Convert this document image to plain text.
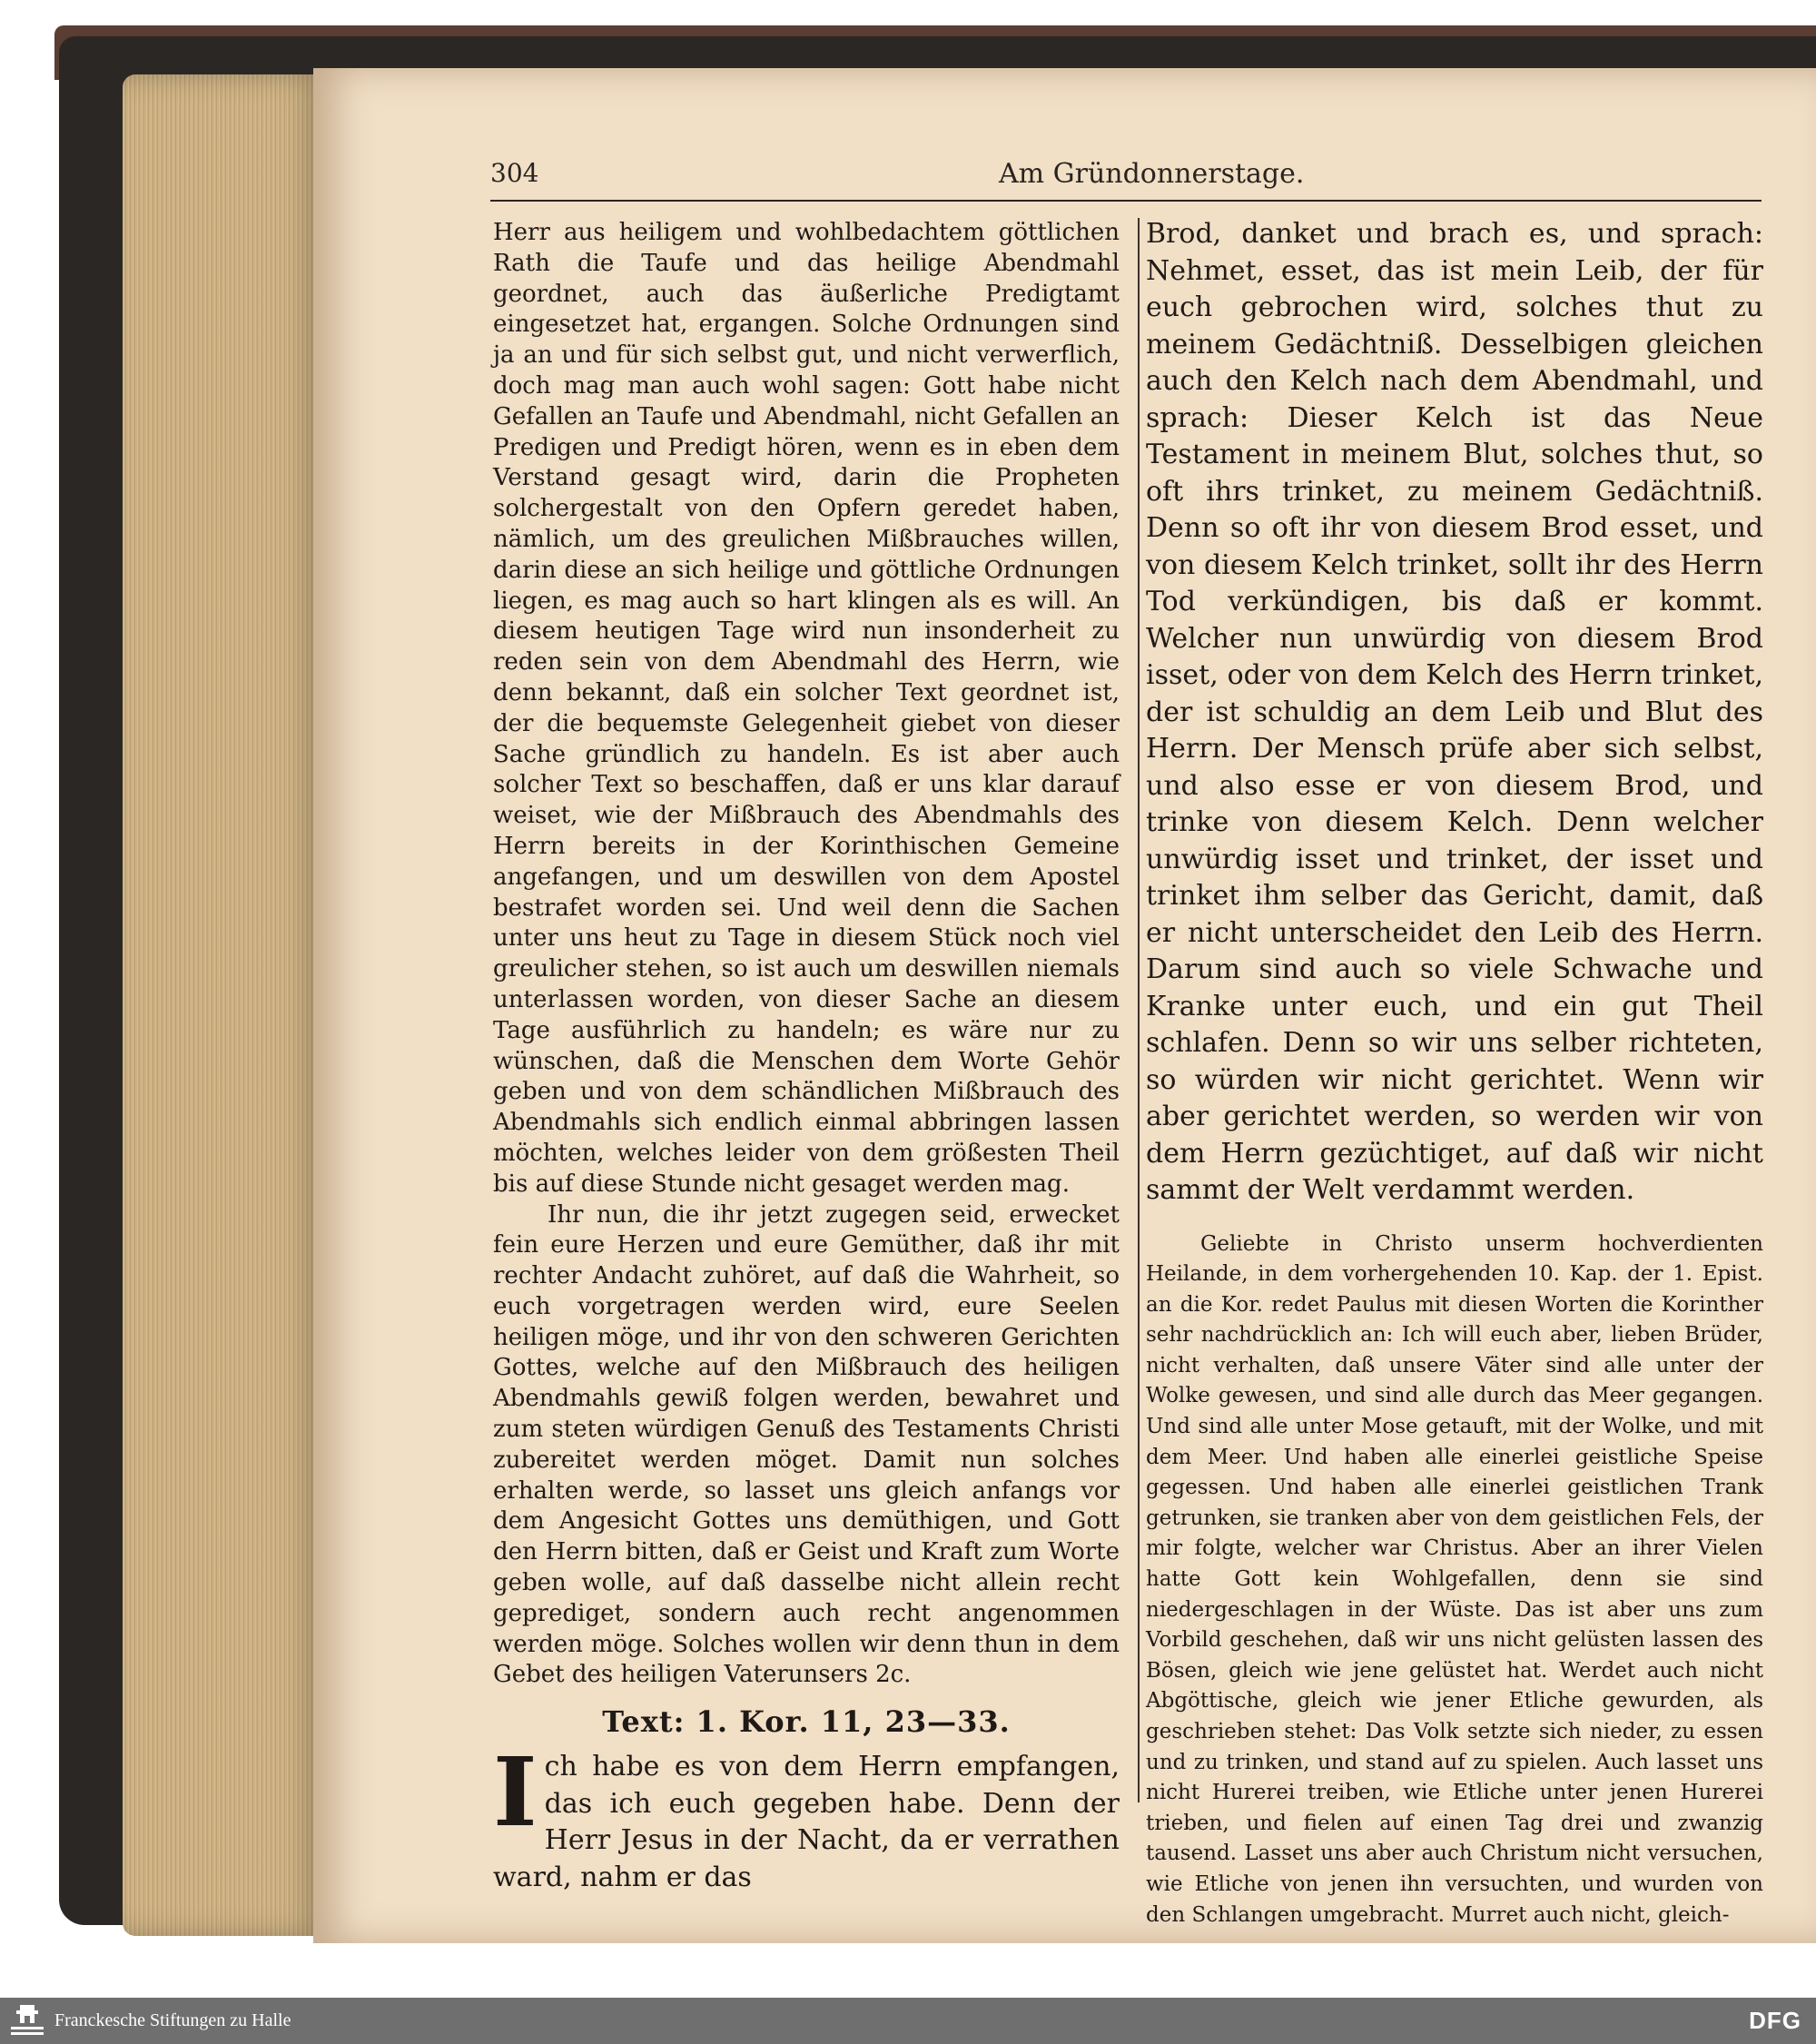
304	Am Gründonnerstage.

Herr aus heiligem und wohlbedachtem göttlichen Rath die Taufe und das heilige Abendmahl geordnet, auch das äußerliche Predigtamt eingesetzet hat, ergangen. Solche Ordnungen sind ja an und für sich selbst gut, und nicht verwerflich, doch mag man auch wohl sagen: Gott habe nicht Gefallen an Taufe und Abendmahl, nicht Gefallen an Predigen und Predigt hören, wenn es in eben dem Verstand gesagt wird, darin die Propheten solchergestalt von den Opfern geredet haben, nämlich, um des greulichen Mißbrauches willen, darin diese an sich heilige und göttliche Ordnungen liegen, es mag auch so hart klingen als es will. An diesem heutigen Tage wird nun insonderheit zu reden sein von dem Abendmahl des Herrn, wie denn bekannt, daß ein solcher Text geordnet ist, der die bequemste Gelegenheit giebet von dieser Sache gründlich zu handeln. Es ist aber auch solcher Text so beschaffen, daß er uns klar darauf weiset, wie der Mißbrauch des Abendmahls des Herrn bereits in der Korinthischen Gemeine angefangen, und um deswillen von dem Apostel bestrafet worden sei. Und weil denn die Sachen unter uns heut zu Tage in diesem Stück noch viel greulicher stehen, so ist auch um deswillen niemals unterlassen worden, von dieser Sache an diesem Tage ausführlich zu handeln; es wäre nur zu wünschen, daß die Menschen dem Worte Gehör geben und von dem schändlichen Mißbrauch des Abendmahls sich endlich einmal abbringen lassen möchten, welches leider von dem größesten Theil bis auf diese Stunde nicht gesaget werden mag.

Ihr nun, die ihr jetzt zugegen seid, erwecket fein eure Herzen und eure Gemüther, daß ihr mit rechter Andacht zuhöret, auf daß die Wahrheit, so euch vorgetragen werden wird, eure Seelen heiligen möge, und ihr von den schweren Gerichten Gottes, welche auf den Mißbrauch des heiligen Abendmahls gewiß folgen werden, bewahret und zum steten würdigen Genuß des Testaments Christi zubereitet werden möget. Damit nun solches erhalten werde, so lasset uns gleich anfangs vor dem Angesicht Gottes uns demüthigen, und Gott den Herrn bitten, daß er Geist und Kraft zum Worte geben wolle, auf daß dasselbe nicht allein recht geprediget, sondern auch recht angenommen werden möge. Solches wollen wir denn thun in dem Gebet des heiligen Vaterunsers 2c.

Text: 1. Kor. 11, 23—33.

Ich habe es von dem Herrn empfangen, das ich euch gegeben habe. Denn der Herr Jesus in der Nacht, da er verrathen ward, nahm er das

Brod, danket und brach es, und sprach: Nehmet, esset, das ist mein Leib, der für euch gebrochen wird, solches thut zu meinem Gedächtniß. Desselbigen gleichen auch den Kelch nach dem Abendmahl, und sprach: Dieser Kelch ist das Neue Testament in meinem Blut, solches thut, so oft ihrs trinket, zu meinem Gedächtniß. Denn so oft ihr von diesem Brod esset, und von diesem Kelch trinket, sollt ihr des Herrn Tod verkündigen, bis daß er kommt. Welcher nun unwürdig von diesem Brod isset, oder von dem Kelch des Herrn trinket, der ist schuldig an dem Leib und Blut des Herrn. Der Mensch prüfe aber sich selbst, und also esse er von diesem Brod, und trinke von diesem Kelch. Denn welcher unwürdig isset und trinket, der isset und trinket ihm selber das Gericht, damit, daß er nicht unterscheidet den Leib des Herrn. Darum sind auch so viele Schwache und Kranke unter euch, und ein gut Theil schlafen. Denn so wir uns selber richteten, so würden wir nicht gerichtet. Wenn wir aber gerichtet werden, so werden wir von dem Herrn gezüchtiget, auf daß wir nicht sammt der Welt verdammt werden.

Geliebte in Christo unserm hochverdienten Heilande, in dem vorhergehenden 10. Kap. der 1. Epist. an die Kor. redet Paulus mit diesen Worten die Korinther sehr nachdrücklich an: Ich will euch aber, lieben Brüder, nicht verhalten, daß unsere Väter sind alle unter der Wolke gewesen, und sind alle durch das Meer gegangen. Und sind alle unter Mose getauft, mit der Wolke, und mit dem Meer. Und haben alle einerlei geistliche Speise gegessen. Und haben alle einerlei geistlichen Trank getrunken, sie tranken aber von dem geistlichen Fels, der mir folgte, welcher war Christus. Aber an ihrer Vielen hatte Gott kein Wohlgefallen, denn sie sind niedergeschlagen in der Wüste. Das ist aber uns zum Vorbild geschehen, daß wir uns nicht gelüsten lassen des Bösen, gleich wie jene gelüstet hat. Werdet auch nicht Abgöttische, gleich wie jener Etliche gewurden, als geschrieben stehet: Das Volk setzte sich nieder, zu essen und zu trinken, und stand auf zu spielen. Auch lasset uns nicht Hurerei treiben, wie Etliche unter jenen Hurerei trieben, und fielen auf einen Tag drei und zwanzig tausend. Lasset uns aber auch Christum nicht versuchen, wie Etliche von jenen ihn versuchten, und wurden von den Schlangen umgebracht. Murret auch nicht, gleich-

Franckesche Stiftungen zu Halle	DFG
